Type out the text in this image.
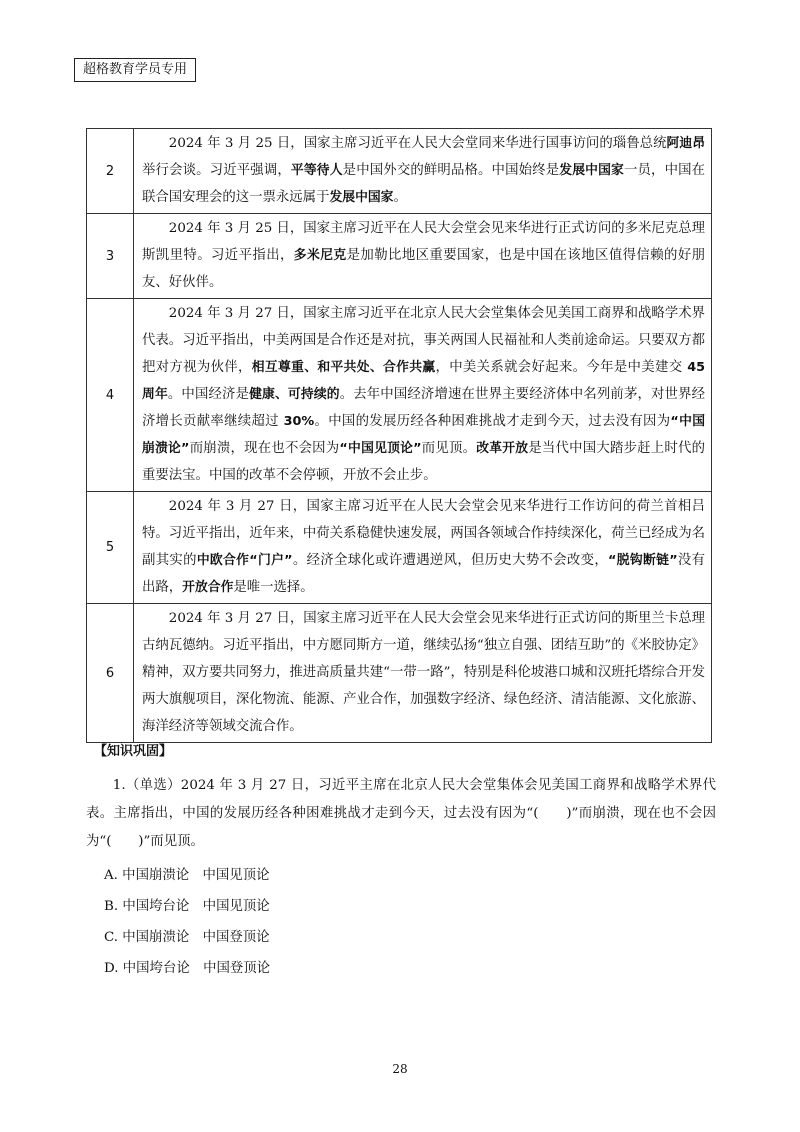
超格教育学员专用
2	2024 年 3 月 25 日，国家主席习近平在人民大会堂同来华进行国事访问的瑙鲁总统阿迪昂举行会谈。习近平强调，平等待人是中国外交的鲜明品格。中国始终是发展中国家一员，中国在联合国安理会的这一票永远属于发展中国家。
3	2024 年 3 月 25 日，国家主席习近平在人民大会堂会见来华进行正式访问的多米尼克总理斯凯里特。习近平指出，多米尼克是加勒比地区重要国家，也是中国在该地区值得信赖的好朋友、好伙伴。
4	2024 年 3 月 27 日，国家主席习近平在北京人民大会堂集体会见美国工商界和战略学术界代表。习近平指出，中美两国是合作还是对抗，事关两国人民福祉和人类前途命运。只要双方都把对方视为伙伴，相互尊重、和平共处、合作共赢，中美关系就会好起来。今年是中美建交 45 周年。中国经济是健康、可持续的。去年中国经济增速在世界主要经济体中名列前茅，对世界经济增长贡献率继续超过 30%。中国的发展历经各种困难挑战才走到今天，过去没有因为“中国崩溃论”而崩溃，现在也不会因为“中国见顶论”而见顶。改革开放是当代中国大踏步赶上时代的重要法宝。中国的改革不会停顿，开放不会止步。
5	2024 年 3 月 27 日，国家主席习近平在人民大会堂会见来华进行工作访问的荷兰首相吕特。习近平指出，近年来，中荷关系稳健快速发展，两国各领域合作持续深化，荷兰已经成为名副其实的中欧合作“门户”。经济全球化或许遭遇逆风，但历史大势不会改变，“脱钩断链”没有出路，开放合作是唯一选择。
6	2024 年 3 月 27 日，国家主席习近平在人民大会堂会见来华进行正式访问的斯里兰卡总理古纳瓦德纳。习近平指出，中方愿同斯方一道，继续弘扬“独立自强、团结互助”的《米胶协定》精神，双方要共同努力，推进高质量共建“一带一路”，特别是科伦坡港口城和汉班托塔综合开发两大旗舰项目，深化物流、能源、产业合作，加强数字经济、绿色经济、清洁能源、文化旅游、海洋经济等领域交流合作。
【知识巩固】
1.（单选）2024 年 3 月 27 日，习近平主席在北京人民大会堂集体会见美国工商界和战略学术界代表。主席指出，中国的发展历经各种困难挑战才走到今天，过去没有因为“(　　)”而崩溃，现在也不会因为“(　　)”而见顶。
A. 中国崩溃论　中国见顶论
B. 中国垮台论　中国见顶论
C. 中国崩溃论　中国登顶论
D. 中国垮台论　中国登顶论
28
